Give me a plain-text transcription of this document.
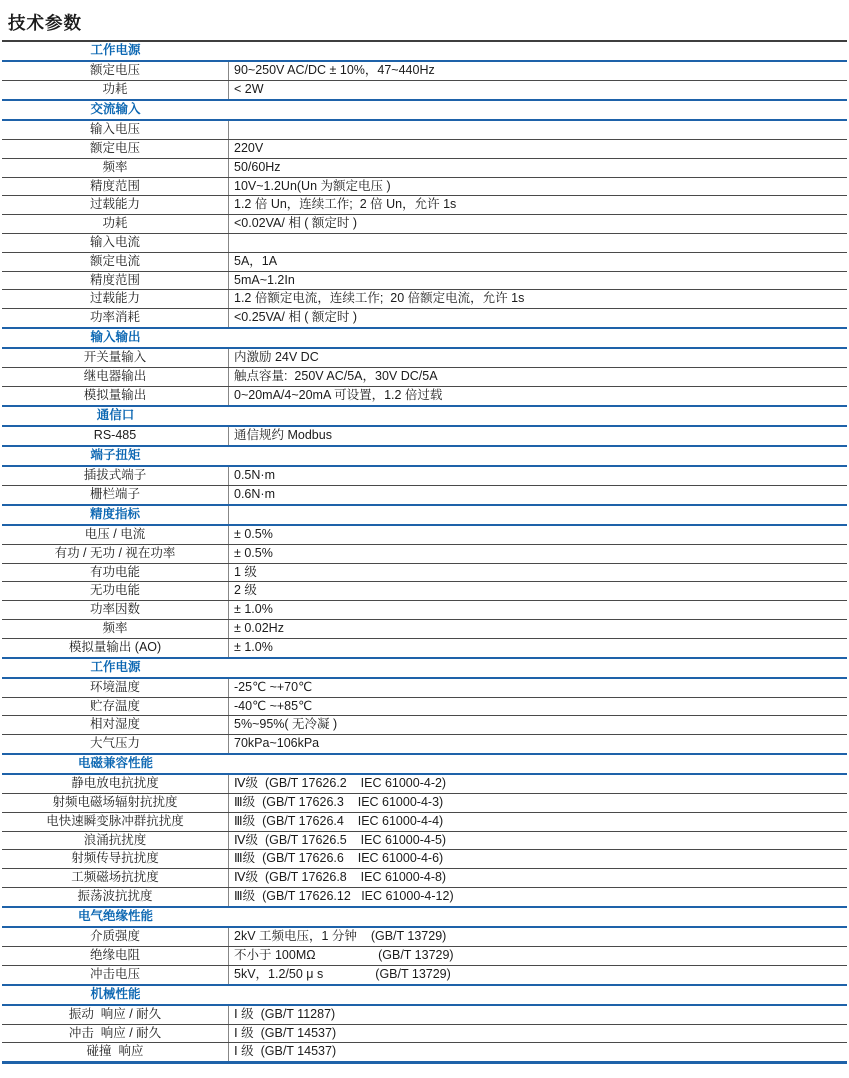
技术参数
工作电源
额定电压	90~250V AC/DC ± 10%，47~440Hz
功耗	< 2W
交流输入
输入电压
额定电压	220V
频率	50/60Hz
精度范围	10V~1.2Un(Un 为额定电压 )
过载能力	1.2 倍 Un，连续工作;  2 倍 Un，允许 1s
功耗	<0.02VA/ 相 ( 额定时 )
输入电流
额定电流	5A，1A
精度范围	5mA~1.2In
过载能力	1.2 倍额定电流，连续工作;  20 倍额定电流，允许 1s
功率消耗	<0.25VA/ 相 ( 额定时 )
输入输出
开关量输入	内激励 24V DC
继电器输出	触点容量:  250V AC/5A，30V DC/5A
模拟量输出	0~20mA/4~20mA 可设置，1.2 倍过载
通信口
RS-485	通信规约 Modbus
端子扭矩
插拔式端子	0.5N·m
栅栏端子	0.6N·m
精度指标
电压 / 电流	± 0.5%
有功 / 无功 / 视在功率	± 0.5%
有功电能	1 级
无功电能	2 级
功率因数	± 1.0%
频率	± 0.02Hz
模拟量输出 (AO)	± 1.0%
工作电源
环境温度	-25℃ ~+70℃
贮存温度	-40℃ ~+85℃
相对湿度	5%~95%( 无冷凝 )
大气压力	70kPa~106kPa
电磁兼容性能
静电放电抗扰度	Ⅳ级  (GB/T 17626.2    IEC 61000-4-2)
射频电磁场辐射抗扰度	Ⅲ级  (GB/T 17626.3    IEC 61000-4-3)
电快速瞬变脉冲群抗扰度	Ⅲ级  (GB/T 17626.4    IEC 61000-4-4)
浪涌抗扰度	Ⅳ级  (GB/T 17626.5    IEC 61000-4-5)
射频传导抗扰度	Ⅲ级  (GB/T 17626.6    IEC 61000-4-6)
工频磁场抗扰度	Ⅳ级  (GB/T 17626.8    IEC 61000-4-8)
振荡波抗扰度	Ⅲ级  (GB/T 17626.12   IEC 61000-4-12)
电气绝缘性能
介质强度	2kV 工频电压，1 分钟    (GB/T 13729)
绝缘电阻	不小于 100MΩ                  (GB/T 13729)
冲击电压	5kV，1.2/50 μ s               (GB/T 13729)
机械性能
振动  响应 / 耐久	Ⅰ 级  (GB/T 11287)
冲击  响应 / 耐久	Ⅰ 级  (GB/T 14537)
碰撞  响应	Ⅰ 级  (GB/T 14537)
